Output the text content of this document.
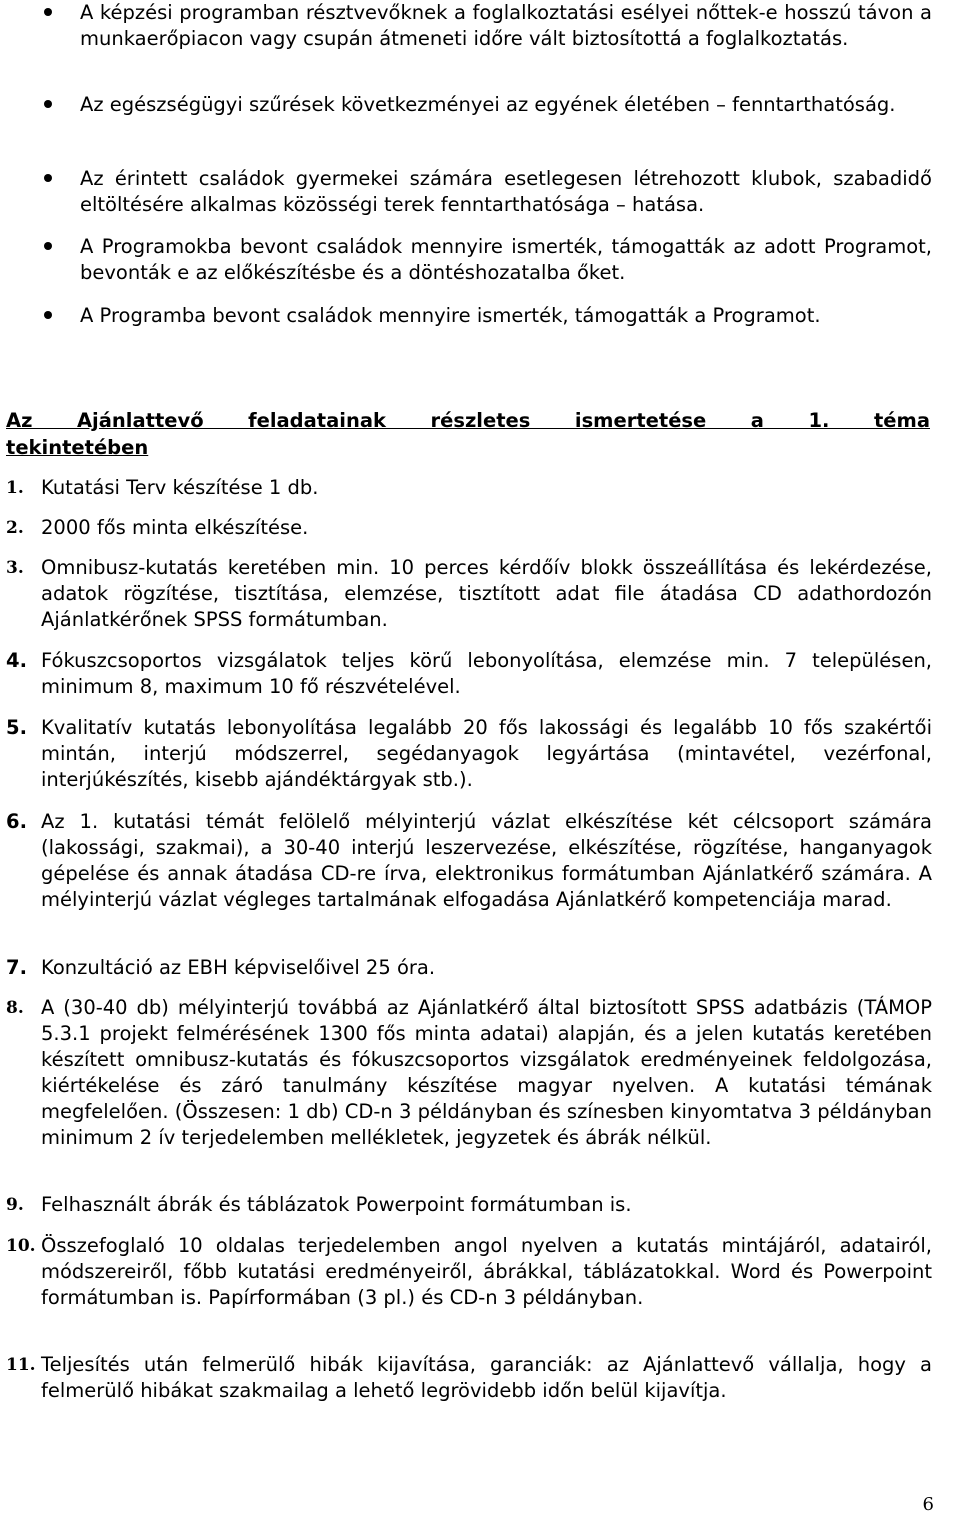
A képzési programban résztvevőknek a foglalkoztatási esélyei nőttek-e hosszú távon a munkaerőpiacon vagy csupán átmeneti időre vált biztosítottá a foglalkoztatás.
Az egészségügyi szűrések következményei az egyének életében – fenntarthatóság.
Az érintett családok gyermekei számára esetlegesen létrehozott klubok, szabadidő eltöltésére alkalmas közösségi terek fenntarthatósága – hatása.
A Programokba bevont családok mennyire ismerték, támogatták az adott Programot, bevonták e az előkészítésbe és a döntéshozatalba őket.
A Programba bevont családok mennyire ismerték, támogatták a Programot.
Az Ajánlattevő feladatainak részletes ismertetése a 1. téma tekintetében
1. Kutatási Terv készítése 1 db.
2. 2000 fős minta elkészítése.
3. Omnibusz-kutatás keretében min. 10 perces kérdőív blokk összeállítása és lekérdezése, adatok rögzítése, tisztítása, elemzése, tisztított adat file átadása CD adathordozón Ajánlatkérőnek SPSS formátumban.
4. Fókuszcsoportos vizsgálatok teljes körű lebonyolítása, elemzése min. 7 településen, minimum 8, maximum 10 fő részvételével.
5. Kvalitatív kutatás lebonyolítása legalább 20 fős lakossági és legalább 10 fős szakértői mintán, interjú módszerrel, segédanyagok legyártása (mintavétel, vezérfonal, interjúkészítés, kisebb ajándéktárgyak stb.).
6. Az 1. kutatási témát felölelő mélyinterjú vázlat elkészítése két célcsoport számára (lakossági, szakmai), a 30-40 interjú leszervezése, elkészítése, rögzítése, hanganyagok gépelése és annak átadása CD-re írva, elektronikus formátumban Ajánlatkérő számára. A mélyinterjú vázlat végleges tartalmának elfogadása Ajánlatkérő kompetenciája marad.
7. Konzultáció az EBH képviselőivel 25 óra.
8. A (30-40 db) mélyinterjú továbbá az Ajánlatkérő által biztosított SPSS adatbázis (TÁMOP 5.3.1 projekt felmérésének 1300 fős minta adatai) alapján, és a jelen kutatás keretében készített omnibusz-kutatás és fókuszcsoportos vizsgálatok eredményeinek feldolgozása, kiértékelése és záró tanulmány készítése magyar nyelven. A kutatási témának megfelelően. (Összesen: 1 db) CD-n 3 példányban és színesben kinyomtatva 3 példányban minimum 2 ív terjedelemben mellékletek, jegyzetek és ábrák nélkül.
9. Felhasznált ábrák és táblázatok Powerpoint formátumban is.
10. Összefoglaló 10 oldalas terjedelemben angol nyelven a kutatás mintájáról, adatairól, módszereiről, főbb kutatási eredményeiről, ábrákkal, táblázatokkal. Word és Powerpoint formátumban is. Papírformában (3 pl.) és CD-n 3 példányban.
11. Teljesítés után felmerülő hibák kijavítása, garanciák: az Ajánlattevő vállalja, hogy a felmerülő hibákat szakmailag a lehető legrövidebb időn belül kijavítja.
6
